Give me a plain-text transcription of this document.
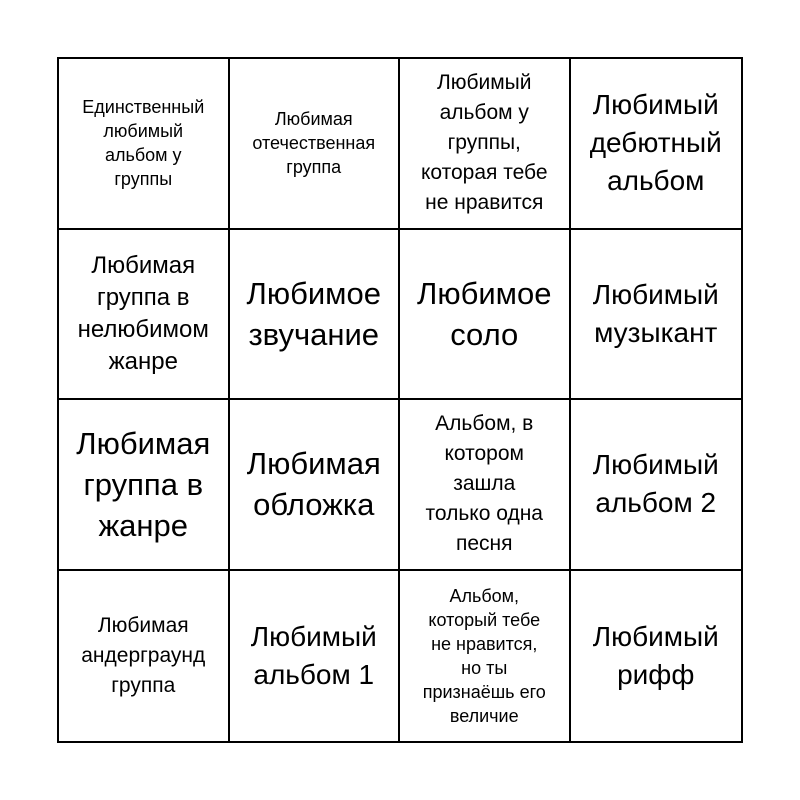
Единственный
любимый
альбом у
группы
Любимая
отечественная
группа
Любимый
альбом у
группы,
которая тебе
не нравится
Любимый
дебютный
альбом
Любимая
группа в
нелюбимом
жанре
Любимое
звучание
Любимое
соло
Любимый
музыкант
Любимая
группа в
жанре
Любимая
обложка
Альбом, в
котором
зашла
только одна
песня
Любимый
альбом 2
Любимая
андерграунд
группа
Любимый
альбом 1
Альбом,
который тебе
не нравится,
но ты
признаёшь его
величие
Любимый
рифф
